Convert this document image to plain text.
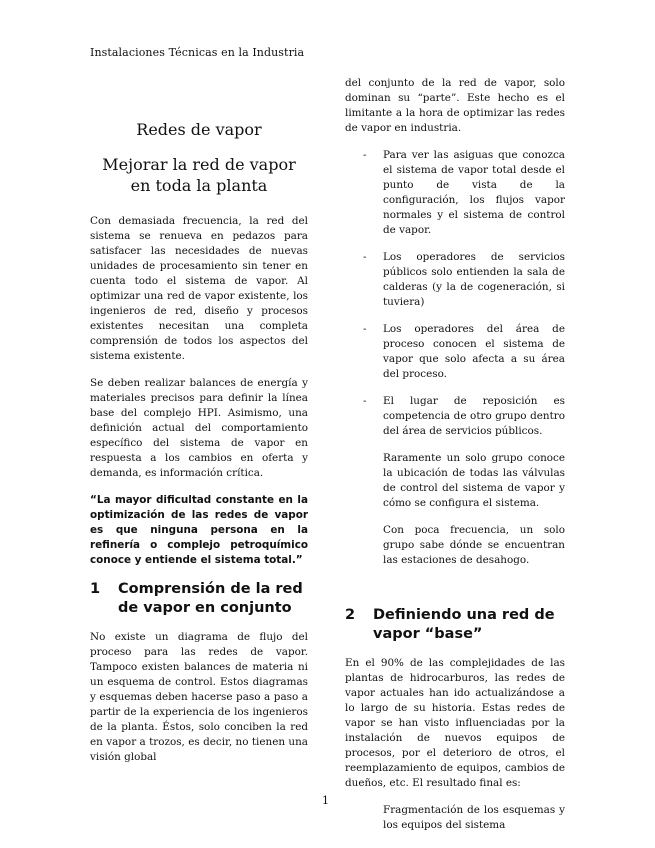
Instalaciones Técnicas en la Industria
Redes de vapor
Mejorar la red de vapor en toda la planta

Con demasiada frecuencia, la red del sistema se renueva en pedazos para satisfacer las necesidades de nuevas unidades de procesamiento sin tener en cuenta todo el sistema de vapor. Al optimizar una red de vapor existente, los ingenieros de red, diseño y procesos existentes necesitan una completa comprensión de todos los aspectos del sistema existente.

Se deben realizar balances de energía y materiales precisos para definir la línea base del complejo HPI. Asimismo, una definición actual del comportamiento específico del sistema de vapor en respuesta a los cambios en oferta y demanda, es información crítica.

“La mayor dificultad constante en la optimización de las redes de vapor es que ninguna persona en la refinería o complejo petroquímico conoce y entiende el sistema total.”

1	Comprensión de la red de vapor en conjunto

No existe un diagrama de flujo del proceso para las redes de vapor. Tampoco existen balances de materia ni un esquema de control. Estos diagramas y esquemas deben hacerse paso a paso a partir de la experiencia de los ingenieros de la planta. Éstos, solo conciben la red en vapor a trozos, es decir, no tienen una visión global

del conjunto de la red de vapor, solo dominan su “parte”. Este hecho es el limitante a la hora de optimizar las redes de vapor en industria.

- Para ver las asiguas que conozca el sistema de vapor total desde el punto de vista de la configuración, los flujos vapor normales y el sistema de control de vapor.
- Los operadores de servicios públicos solo entienden la sala de calderas (y la de cogeneración, si tuviera)
- Los operadores del área de proceso conocen el sistema de vapor que solo afecta a su área del proceso.
- El lugar de reposición es competencia de otro grupo dentro del área de servicios públicos.

Raramente un solo grupo conoce la ubicación de todas las válvulas de control del sistema de vapor y cómo se configura el sistema.

Con poca frecuencia, un solo grupo sabe dónde se encuentran las estaciones de desahogo.

2	Definiendo una red de vapor “base”

En el 90% de las complejidades de las plantas de hidrocarburos, las redes de vapor actuales han ido actualizándose a lo largo de su historia. Estas redes de vapor se han visto influenciadas por la instalación de nuevos equipos de procesos, por el deterioro de otros, el reemplazamiento de equipos, cambios de dueños, etc. El resultado final es:

Fragmentación de los esquemas y los equipos del sistema

1
